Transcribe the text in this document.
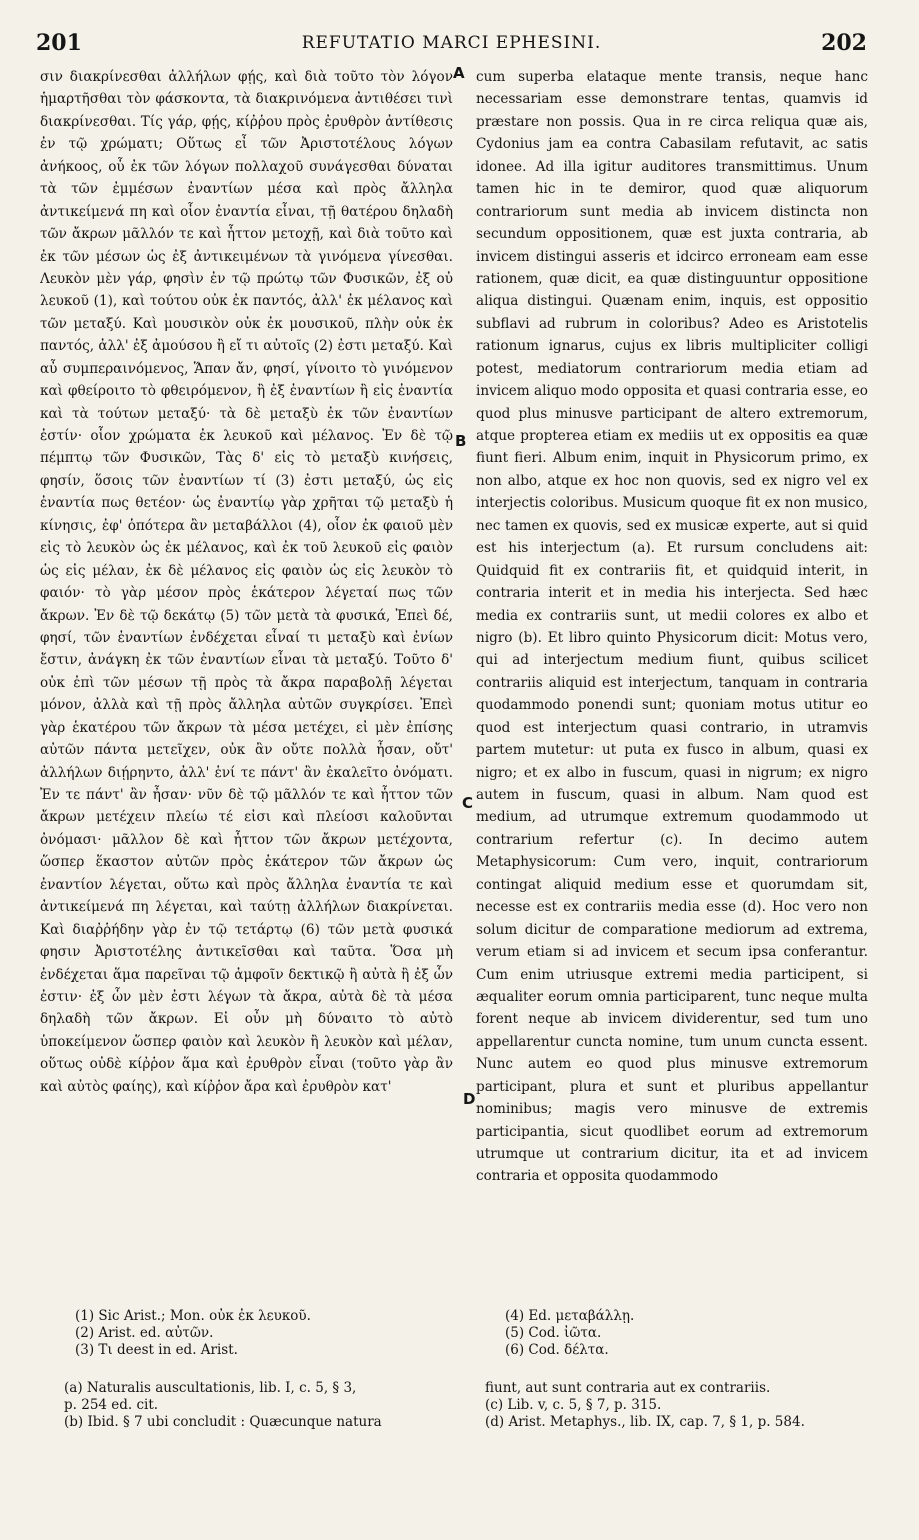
201	REFUTATIO MARCI EPHESINI.	202
σιν διακρίνεσθαι ἀλλήλων φῄς, καὶ διὰ τοῦτο τὸν λόγον ἡμαρτῆσθαι τὸν φάσκοντα, τὰ διακρινόμενα ἀντιθέσει τινὶ διακρίνεσθαι. Τίς γάρ, φῄς, κίῤῥου πρὸς ἐρυθρὸν ἀντίθεσις ἐν τῷ χρώματι; Οὕτως εἶ τῶν Ἀριστοτέλους λόγων ἀνήκοος, οὗ ἐκ τῶν λόγων πολλαχοῦ συνάγεσθαι δύναται τὰ τῶν ἐμμέσων ἐναντίων μέσα καὶ πρὸς ἄλληλα ἀντικείμενά πη καὶ οἷον ἐναντία εἶναι, τῇ θατέρου δηλαδὴ τῶν ἄκρων μᾶλλόν τε καὶ ἧττον μετοχῇ, καὶ διὰ τοῦτο καὶ ἐκ τῶν μέσων ὡς ἐξ ἀντικειμένων τὰ γινόμενα γίνεσθαι. Λευκὸν μὲν γάρ, φησὶν ἐν τῷ πρώτῳ τῶν Φυσικῶν, ἐξ οὐ λευκοῦ (1), καὶ τούτου οὐκ ἐκ παντός, ἀλλ' ἐκ μέλανος καὶ τῶν μεταξύ. Καὶ μουσικὸν οὐκ ἐκ μουσικοῦ, πλὴν οὐκ ἐκ παντός, ἀλλ' ἐξ ἀμούσου ἢ εἴ τι αὐτοῖς (2) ἐστι μεταξύ. Καὶ αὖ συμπεραινόμενος, Ἅπαν ἄν, φησί, γίνοιτο τὸ γινόμενον καὶ φθείροιτο τὸ φθειρόμενον, ἢ ἐξ ἐναντίων ἢ εἰς ἐναντία καὶ τὰ τούτων μεταξύ· τὰ δὲ μεταξὺ ἐκ τῶν ἐναντίων ἐστίν· οἷον χρώματα ἐκ λευκοῦ καὶ μέλανος. Ἐν δὲ τῷ πέμπτῳ τῶν Φυσικῶν, Τὰς δ' εἰς τὸ μεταξὺ κινήσεις, φησίν, ὅσοις τῶν ἐναντίων τί (3) ἐστι μεταξύ, ὡς εἰς ἐναντία πως θετέον· ὡς ἐναντίῳ γὰρ χρῆται τῷ μεταξὺ ἡ κίνησις, ἐφ' ὁπότερα ἂν μεταβάλλοι (4), οἷον ἐκ φαιοῦ μὲν εἰς τὸ λευκὸν ὡς ἐκ μέλανος, καὶ ἐκ τοῦ λευκοῦ εἰς φαιὸν ὡς εἰς μέλαν, ἐκ δὲ μέλανος εἰς φαιὸν ὡς εἰς λευκὸν τὸ φαιόν· τὸ γὰρ μέσον πρὸς ἑκάτερον λέγεταί πως τῶν ἄκρων. Ἐν δὲ τῷ δεκάτῳ (5) τῶν μετὰ τὰ φυσικά, Ἐπεὶ δέ, φησί, τῶν ἐναντίων ἐνδέχεται εἶναί τι μεταξὺ καὶ ἐνίων ἔστιν, ἀνάγκη ἐκ τῶν ἐναντίων εἶναι τὰ μεταξύ. Τοῦτο δ' οὐκ ἐπὶ τῶν μέσων τῇ πρὸς τὰ ἄκρα παραβολῇ λέγεται μόνον, ἀλλὰ καὶ τῇ πρὸς ἄλληλα αὐτῶν συγκρίσει. Ἐπεὶ γὰρ ἑκατέρου τῶν ἄκρων τὰ μέσα μετέχει, εἰ μὲν ἐπίσης αὐτῶν πάντα μετεῖχεν, οὐκ ἂν οὔτε πολλὰ ἦσαν, οὔτ' ἀλλήλων διῄρηντο, ἀλλ' ἑνί τε πάντ' ἂν ἐκαλεῖτο ὀνόματι. Ἐν τε πάντ' ἂν ἦσαν· νῦν δὲ τῷ μᾶλλόν τε καὶ ἧττον τῶν ἄκρων μετέχειν πλείω τέ εἰσι καὶ πλείοσι καλοῦνται ὀνόμασι· μᾶλλον δὲ καὶ ἧττον τῶν ἄκρων μετέχοντα, ὥσπερ ἕκαστον αὐτῶν πρὸς ἑκάτερον τῶν ἄκρων ὡς ἐναντίον λέγεται, οὕτω καὶ πρὸς ἄλληλα ἐναντία τε καὶ ἀντικείμενά πη λέγεται, καὶ ταύτῃ ἀλλήλων διακρίνεται. Καὶ διαῤῥήδην γὰρ ἐν τῷ τετάρτῳ (6) τῶν μετὰ φυσικά φησιν Ἀριστοτέλης ἀντικεῖσθαι καὶ ταῦτα. Ὅσα μὴ ἐνδέχεται ἅμα παρεῖναι τῷ ἀμφοῖν δεκτικῷ ἢ αὐτὰ ἢ ἐξ ὧν ἐστιν· ἐξ ὧν μὲν ἐστι λέγων τὰ ἄκρα, αὐτὰ δὲ τὰ μέσα δηλαδὴ τῶν ἄκρων. Εἰ οὖν μὴ δύναιτο τὸ αὐτὸ ὑποκείμενον ὥσπερ φαιὸν καὶ λευκὸν ἢ λευκὸν καὶ μέλαν, οὕτως οὐδὲ κίῤῥον ἅμα καὶ ἐρυθρὸν εἶναι (τοῦτο γὰρ ἂν καὶ αὐτὸς φαίης), καὶ κίῤῥον ἄρα καὶ ἐρυθρὸν κατ'
cum superba elataque mente transis, neque hanc necessariam esse demonstrare tentas, quamvis id præstare non possis. Qua in re circa reliqua quæ ais, Cydonius jam ea contra Cabasilam refutavit, ac satis idonee. Ad illa igitur auditores transmittimus. Unum tamen hic in te demiror, quod quæ aliquorum contrariorum sunt media ab invicem distincta non secundum oppositionem, quæ est juxta contraria, ab invicem distingui asseris et idcirco erroneam eam esse rationem, quæ dicit, ea quæ distinguuntur oppositione aliqua distingui. Quænam enim, inquis, est oppositio subflavi ad rubrum in coloribus? Adeo es Aristotelis rationum ignarus, cujus ex libris multipliciter colligi potest, mediatorum contrariorum media etiam ad invicem aliquo modo opposita et quasi contraria esse, eo quod plus minusve participant de altero extremorum, atque propterea etiam ex mediis ut ex oppositis ea quæ fiunt fieri. Album enim, inquit in Physicorum primo, ex non albo, atque ex hoc non quovis, sed ex nigro vel ex interjectis coloribus. Musicum quoque fit ex non musico, nec tamen ex quovis, sed ex musicæ experte, aut si quid est his interjectum (a). Et rursum concludens ait: Quidquid fit ex contrariis fit, et quidquid interit, in contraria interit et in media his interjecta. Sed hæc media ex contrariis sunt, ut medii colores ex albo et nigro (b). Et libro quinto Physicorum dicit: Motus vero, qui ad interjectum medium fiunt, quibus scilicet contrariis aliquid est interjectum, tanquam in contraria quodammodo ponendi sunt; quoniam motus utitur eo quod est interjectum quasi contrario, in utramvis partem mutetur: ut puta ex fusco in album, quasi ex nigro; et ex albo in fuscum, quasi in nigrum; ex nigro autem in fuscum, quasi in album. Nam quod est medium, ad utrumque extremum quodammodo ut contrarium refertur (c). In decimo autem Metaphysicorum: Cum vero, inquit, contrariorum contingat aliquid medium esse et quorumdam sit, necesse est ex contrariis media esse (d). Hoc vero non solum dicitur de comparatione mediorum ad extrema, verum etiam si ad invicem et secum ipsa conferantur. Cum enim utriusque extremi media participent, si æqualiter eorum omnia participarent, tunc neque multa forent neque ab invicem dividerentur, sed tum uno appellarentur cuncta nomine, tum unum cuncta essent. Nunc autem eo quod plus minusve extremorum participant, plura et sunt et pluribus appellantur nominibus; magis vero minusve de extremis participantia, sicut quodlibet eorum ad extremorum utrumque ut contrarium dicitur, ita et ad invicem contraria et opposita quodammodo
A
B
C
D
(1) Sic Arist.; Mon. οὐκ ἐκ λευκοῦ.
(2) Arist. ed. αὐτῶν.
(3) Τι deest in ed. Arist.
(4) Ed. μεταβάλλῃ.
(5) Cod. ἰῶτα.
(6) Cod. δέλτα.
(a) Naturalis auscultationis, lib. I, c. 5, § 3,
p. 254 ed. cit.
(b) Ibid. § 7 ubi concludit : Quæcunque natura
fiunt, aut sunt contraria aut ex contrariis.
(c) Lib. v, c. 5, § 7, p. 315.
(d) Arist. Metaphys., lib. IX, cap. 7, § 1, p. 584.
